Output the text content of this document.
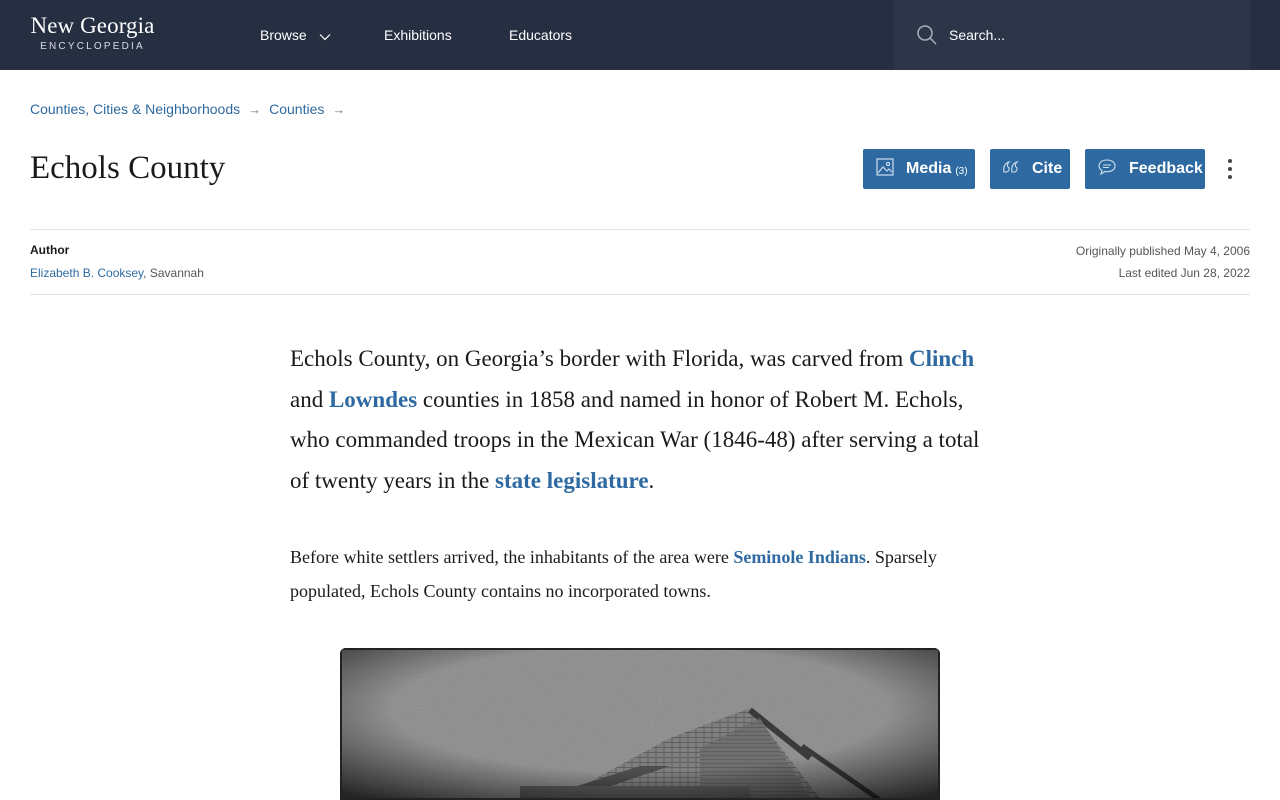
New Georgia
ENCYCLOPEDIA
Browse	Exhibitions	Educators
Search...
Counties, Cities & Neighborhoods → Counties →
Echols County	Media (3)	Cite	Feedback
Author
Elizabeth B. Cooksey, Savannah
Originally published May 4, 2006
Last edited Jun 28, 2022

Echols County, on Georgia’s border with Florida, was carved from Clinch and Lowndes counties in 1858 and named in honor of Robert M. Echols, who commanded troops in the Mexican War (1846-48) after serving a total of twenty years in the state legislature.

Before white settlers arrived, the inhabitants of the area were Seminole Indians. Sparsely populated, Echols County contains no incorporated towns.
